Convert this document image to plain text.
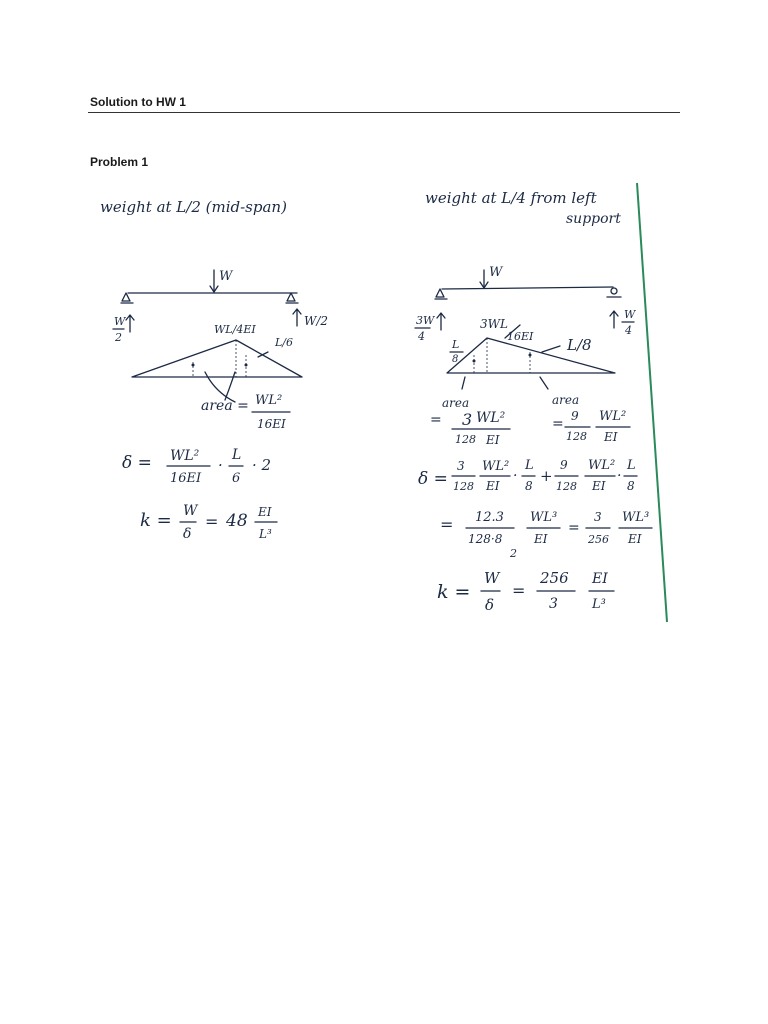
Solution to HW 1
Problem 1
weight at L/2 (mid-span)
W
W
2
W/2
WL/4EI
L/6
area = WL²
16EI
δ = WL²
16EI
·
L
6
· 2
k = W
δ
= 48 EI
L³
weight at L/4 from left
support
W
3W
4
W
4
3WL
16EI
L
8
L/8
area
= 3 WL²
128 EI
area
= 9
128
WL²
EI
δ =
3
128
WL²
EI
·
L
8
+
9
128
WL²
EI
·
L
8
= 12.3
128·8
2
WL³
EI
=
3
256
WL³
EI
k =
W
δ
=
256
3
EI
L³
